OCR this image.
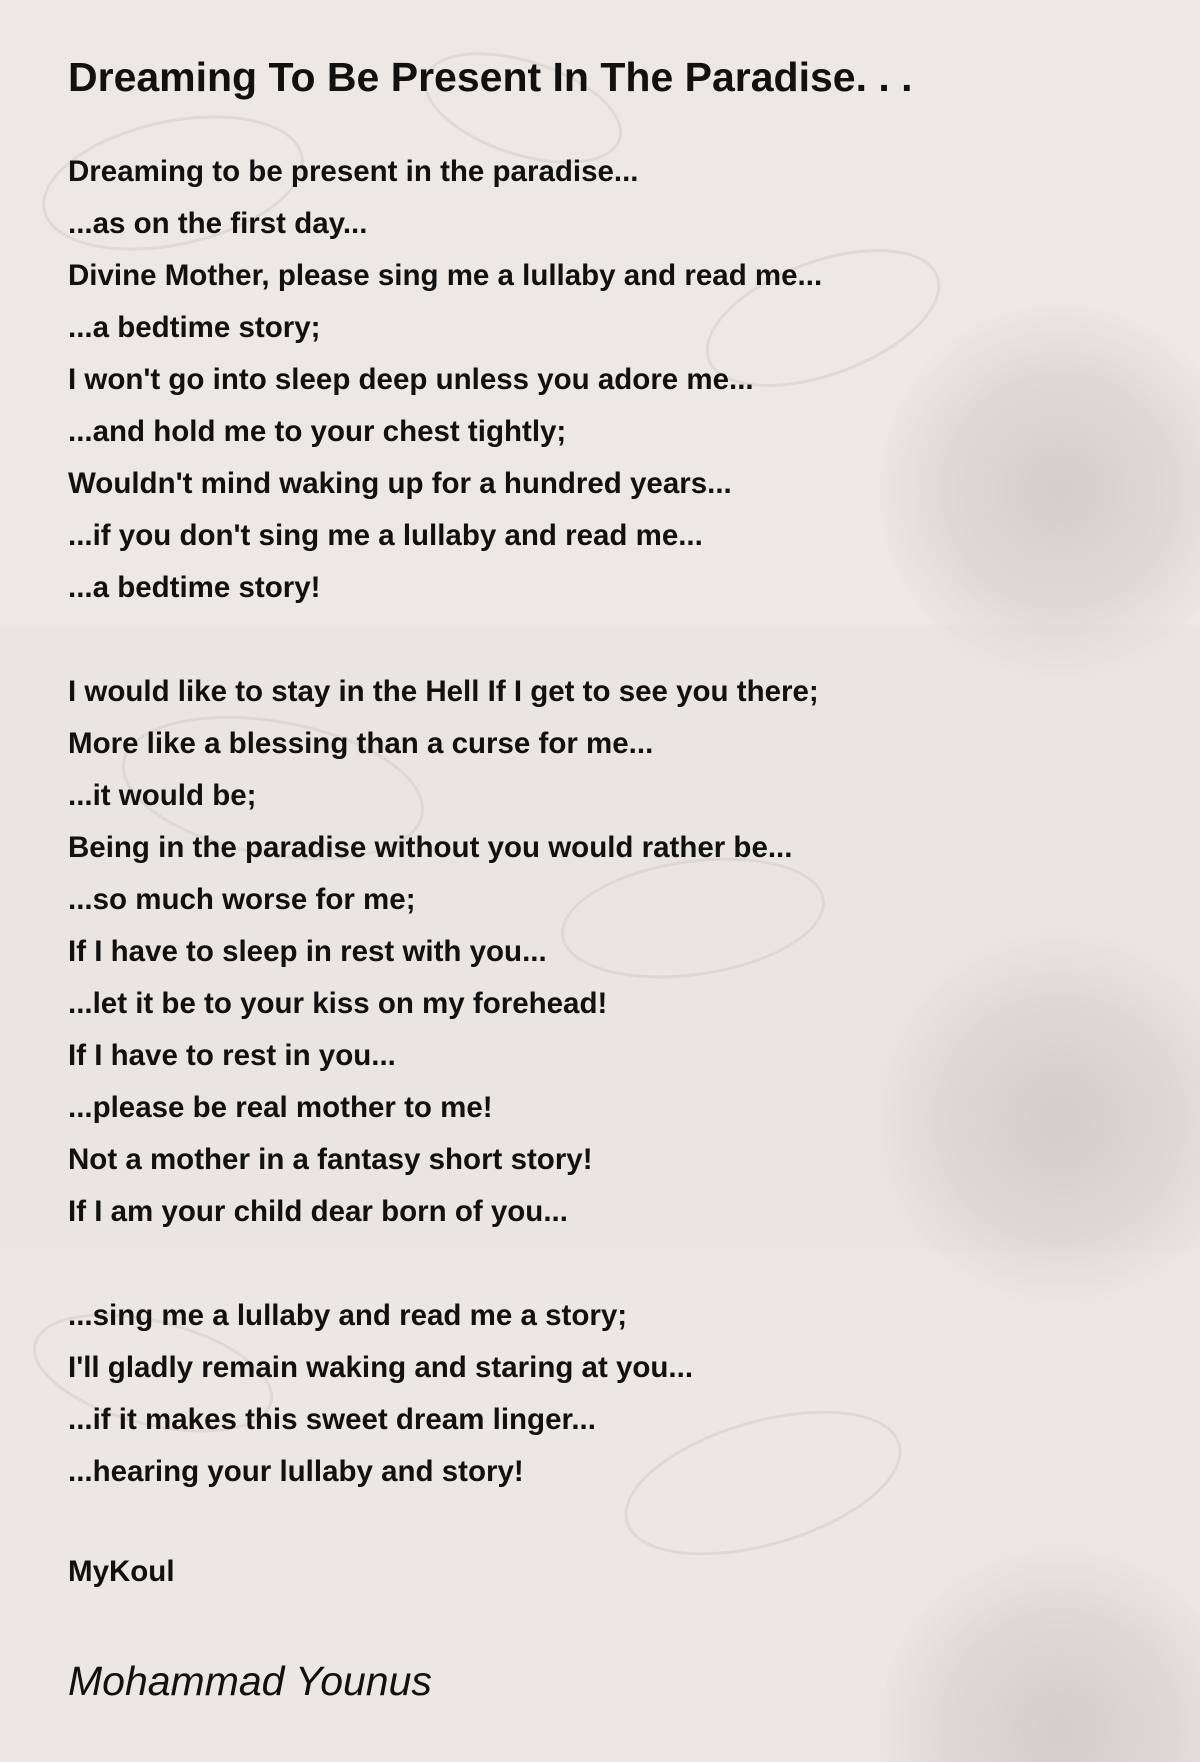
Dreaming To Be Present In The Paradise. . .

Dreaming to be present in the paradise...
...as on the first day...
Divine Mother, please sing me a lullaby and read me...
...a bedtime story;
I won't go into sleep deep unless you adore me...
...and hold me to your chest tightly;
Wouldn't mind waking up for a hundred years...
...if you don't sing me a lullaby and read me...
...a bedtime story!

I would like to stay in the Hell If I get to see you there;
More like a blessing than a curse for me...
...it would be;
Being in the paradise without you would rather be...
...so much worse for me;
If I have to sleep in rest with you...
...let it be to your kiss on my forehead!
If I have to rest in you...
...please be real mother to me!
Not a mother in a fantasy short story!
If I am your child dear born of you...

...sing me a lullaby and read me a story;
I'll gladly remain waking and staring at you...
...if it makes this sweet dream linger...
...hearing your lullaby and story!

MyKoul
Mohammad Younus
